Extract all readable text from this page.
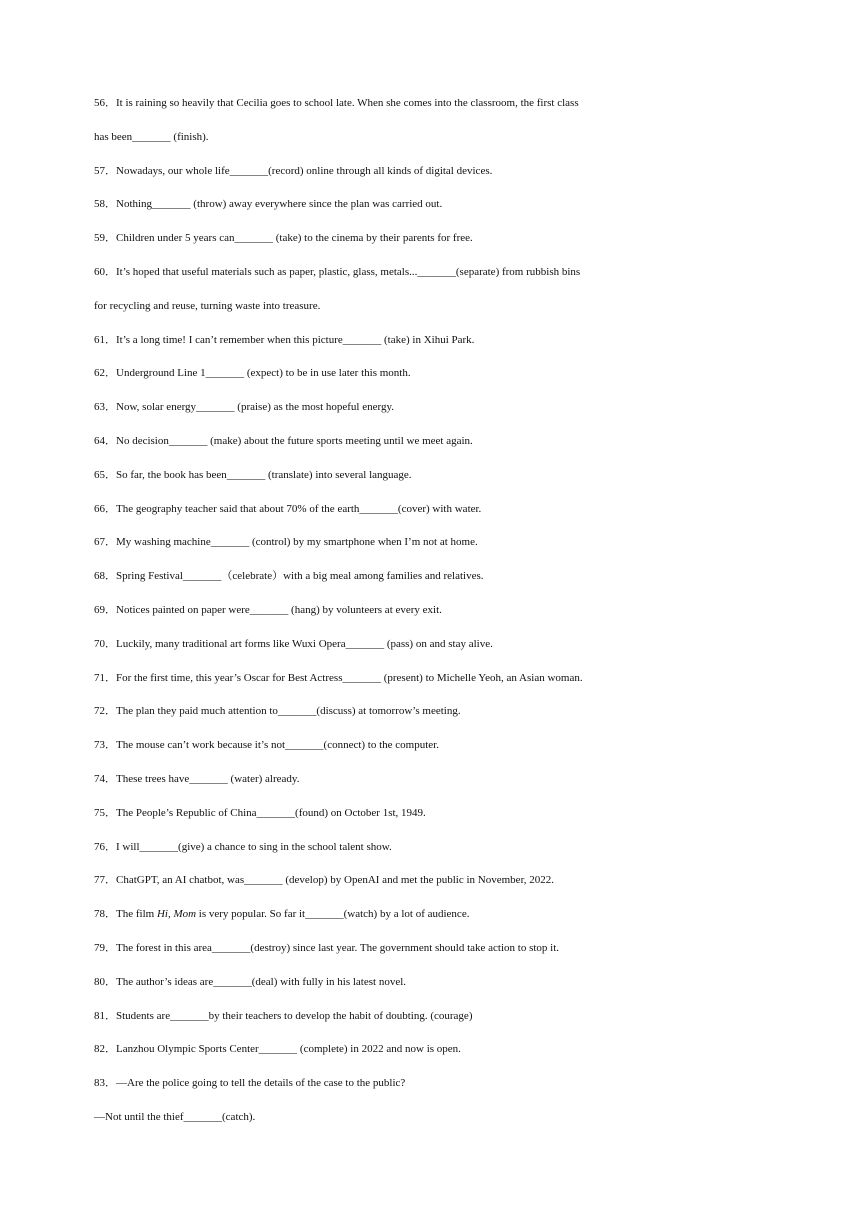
56．It is raining so heavily that Cecilia goes to school late. When she comes into the classroom, the first class
has been_______ (finish).
57．Nowadays, our whole life_______(record) online through all kinds of digital devices.
58．Nothing_______ (throw) away everywhere since the plan was carried out.
59．Children under 5 years can_______ (take) to the cinema by their parents for free.
60．It’s hoped that useful materials such as paper, plastic, glass, metals..._______(separate) from rubbish bins
for recycling and reuse, turning waste into treasure.
61．It’s a long time! I can’t remember when this picture_______ (take) in Xihui Park.
62．Underground Line 1_______ (expect) to be in use later this month.
63．Now, solar energy_______ (praise) as the most hopeful energy.
64．No decision_______ (make) about the future sports meeting until we meet again.
65．So far, the book has been_______ (translate) into several language.
66．The geography teacher said that about 70% of the earth_______(cover) with water.
67．My washing machine_______ (control) by my smartphone when I’m not at home.
68．Spring Festival_______（celebrate）with a big meal among families and relatives.
69．Notices painted on paper were_______ (hang) by volunteers at every exit.
70．Luckily, many traditional art forms like Wuxi Opera_______ (pass) on and stay alive.
71．For the first time, this year’s Oscar for Best Actress_______ (present) to Michelle Yeoh, an Asian woman.
72．The plan they paid much attention to_______(discuss) at tomorrow’s meeting.
73．The mouse can’t work because it’s not_______(connect) to the computer.
74．These trees have_______ (water) already.
75．The People’s Republic of China_______(found) on October 1st, 1949.
76．I will_______(give) a chance to sing in the school talent show.
77．ChatGPT, an AI chatbot, was_______ (develop) by OpenAI and met the public in November, 2022.
78．The film Hi, Mom is very popular. So far it_______(watch) by a lot of audience.
79．The forest in this area_______(destroy) since last year. The government should take action to stop it.
80．The author’s ideas are_______(deal) with fully in his latest novel.
81．Students are_______by their teachers to develop the habit of doubting. (courage)
82．Lanzhou Olympic Sports Center_______ (complete) in 2022 and now is open.
83．—Are the police going to tell the details of the case to the public?
—Not until the thief_______(catch).
